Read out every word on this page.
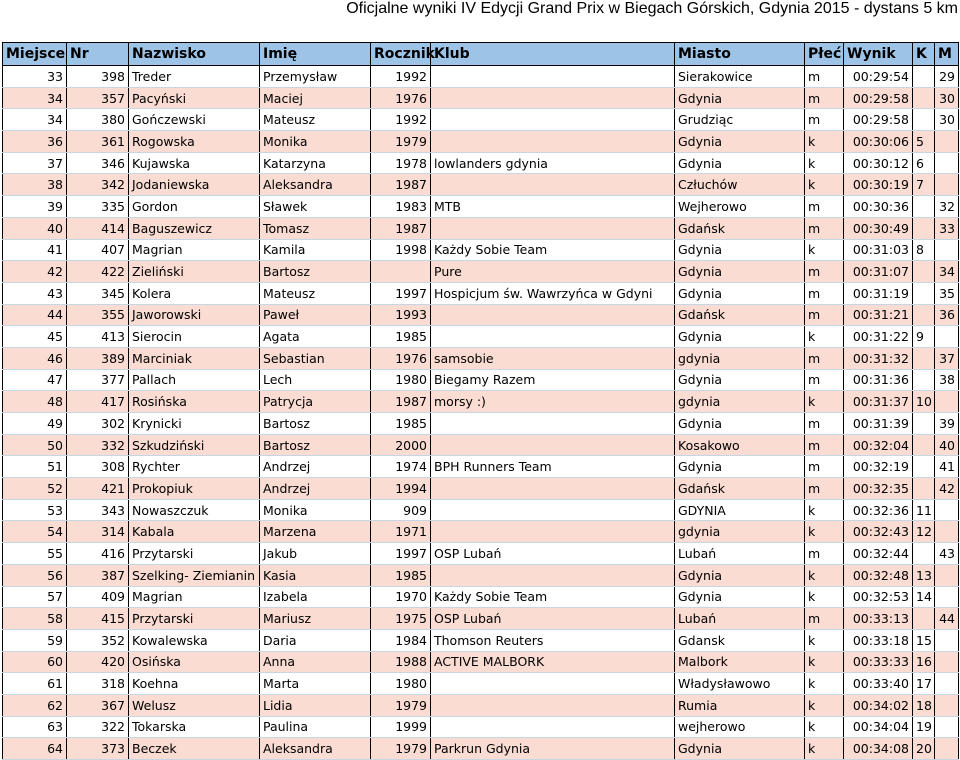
Oficjalne wyniki IV Edycji Grand Prix w Biegach Górskich, Gdynia 2015 - dystans 5 km
Miejsce	Nr	Nazwisko	Imię	Rocznik	Klub	Miasto	Płeć	Wynik	K	M
33	398	Treder	Przemysław	1992		Sierakowice	m	00:29:54		29
34	357	Pacyński	Maciej	1976		Gdynia	m	00:29:58		30
34	380	Gończewski	Mateusz	1992		Grudziąc	m	00:29:58		30
36	361	Rogowska	Monika	1979		Gdynia	k	00:30:06	5	
37	346	Kujawska	Katarzyna	1978	lowlanders gdynia	Gdynia	k	00:30:12	6	
38	342	Jodaniewska	Aleksandra	1987		Człuchów	k	00:30:19	7	
39	335	Gordon	Sławek	1983	MTB	Wejherowo	m	00:30:36		32
40	414	Baguszewicz	Tomasz	1987		Gdańsk	m	00:30:49		33
41	407	Magrian	Kamila	1998	Każdy Sobie Team	Gdynia	k	00:31:03	8	
42	422	Zieliński	Bartosz		Pure	Gdynia	m	00:31:07		34
43	345	Kolera	Mateusz	1997	Hospicjum św. Wawrzyńca w Gdyni	Gdynia	m	00:31:19		35
44	355	Jaworowski	Paweł	1993		Gdańsk	m	00:31:21		36
45	413	Sierocin	Agata	1985		Gdynia	k	00:31:22	9	
46	389	Marciniak	Sebastian	1976	samsobie	gdynia	m	00:31:32		37
47	377	Pallach	Lech	1980	Biegamy Razem	Gdynia	m	00:31:36		38
48	417	Rosińska	Patrycja	1987	morsy :)	gdynia	k	00:31:37	10	
49	302	Krynicki	Bartosz	1985		Gdynia	m	00:31:39		39
50	332	Szkudziński	Bartosz	2000		Kosakowo	m	00:32:04		40
51	308	Rychter	Andrzej	1974	BPH Runners Team	Gdynia	m	00:32:19		41
52	421	Prokopiuk	Andrzej	1994		Gdańsk	m	00:32:35		42
53	343	Nowaszczuk	Monika	909		GDYNIA	k	00:32:36	11	
54	314	Kabala	Marzena	1971		gdynia	k	00:32:43	12	
55	416	Przytarski	Jakub	1997	OSP Lubań	Lubań	m	00:32:44		43
56	387	Szelking- Ziemianin	Kasia	1985		Gdynia	k	00:32:48	13	
57	409	Magrian	Izabela	1970	Każdy Sobie Team	Gdynia	k	00:32:53	14	
58	415	Przytarski	Mariusz	1975	OSP Lubań	Lubań	m	00:33:13		44
59	352	Kowalewska	Daria	1984	Thomson Reuters	Gdansk	k	00:33:18	15	
60	420	Osińska	Anna	1988	ACTIVE MALBORK	Malbork	k	00:33:33	16	
61	318	Koehna	Marta	1980		Władysławowo	k	00:33:40	17	
62	367	Welusz	Lidia	1979		Rumia	k	00:34:02	18	
63	322	Tokarska	Paulina	1999		wejherowo	k	00:34:04	19	
64	373	Beczek	Aleksandra	1979	Parkrun Gdynia	Gdynia	k	00:34:08	20	
